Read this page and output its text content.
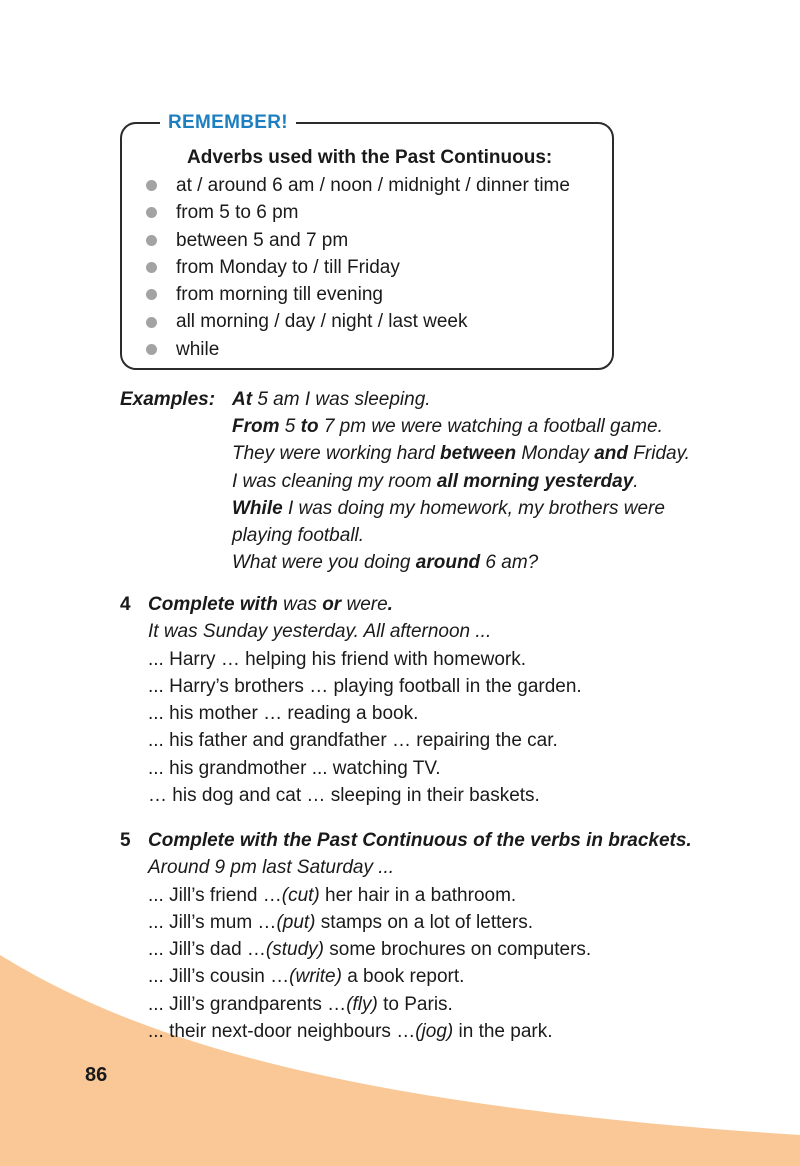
REMEMBER!
Adverbs used with the Past Continuous:
at / around 6 am / noon / midnight / dinner time
from 5 to 6 pm
between 5 and 7 pm
from Monday to / till Friday
from morning till evening
all morning / day / night / last week
while
Examples: At 5 am I was sleeping.
From 5 to 7 pm we were watching a football game.
They were working hard between Monday and Friday.
I was cleaning my room all morning yesterday.
While I was doing my homework, my brothers were
playing football.
What were you doing around 6 am?
4 Complete with was or were.
It was Sunday yesterday. All afternoon ...
... Harry … helping his friend with homework.
... Harry’s brothers … playing football in the garden.
... his mother … reading a book.
... his father and grandfather … repairing the car.
... his grandmother ... watching TV.
… his dog and cat … sleeping in their baskets.
5 Complete with the Past Continuous of the verbs in brackets.
Around 9 pm last Saturday ...
... Jill’s friend …(cut) her hair in a bathroom.
... Jill’s mum …(put) stamps on a lot of letters.
... Jill’s dad …(study) some brochures on computers.
... Jill’s cousin …(write) a book report.
... Jill’s grandparents …(fly) to Paris.
... their next-door neighbours …(jog) in the park.
86
